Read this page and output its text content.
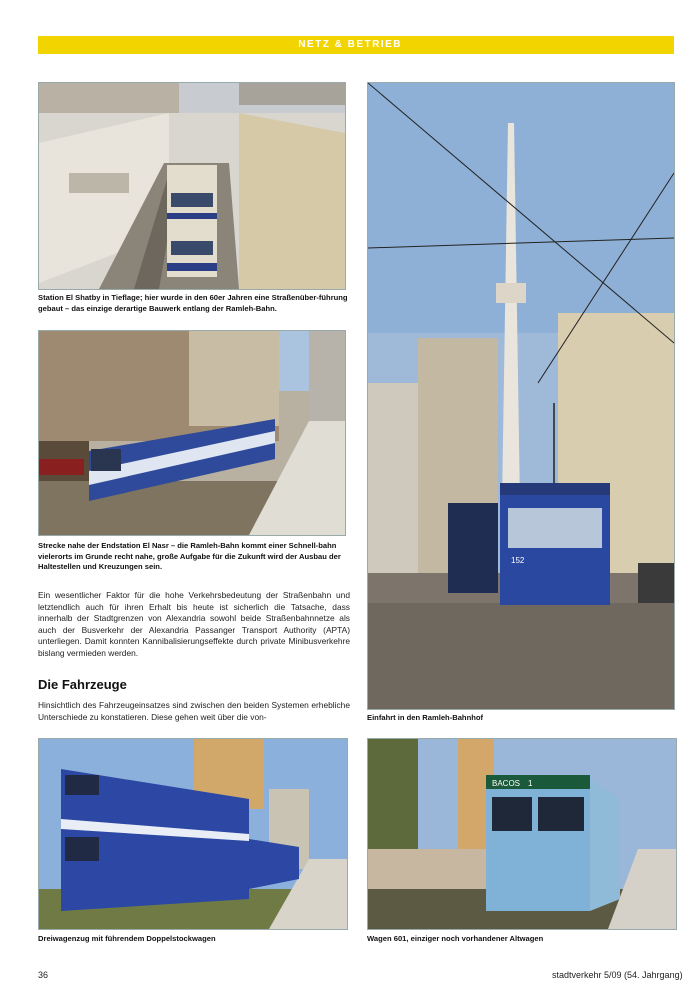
NETZ & BETRIEB
Station El Shatby in Tieflage; hier wurde in den 60er Jahren eine Straßenüber-führung gebaut – das einzige derartige Bauwerk entlang der Ramleh-Bahn.
Strecke nahe der Endstation El Nasr – die Ramleh-Bahn kommt einer Schnell-bahn vielerorts im Grunde recht nahe, große Aufgabe für die Zukunft wird der Ausbau der Haltestellen und Kreuzungen sein.
152
Einfahrt in den Ramleh-Bahnhof
Ein wesentlicher Faktor für die hohe Verkehrsbedeutung der Straßenbahn und letztendlich auch für ihren Erhalt bis heute ist sicherlich die Tatsache, dass innerhalb der Stadtgrenzen von Alexandria sowohl beide Straßenbahnnetze als auch der Busverkehr der Alexandria Passanger Transport Authority (APTA) unterliegen. Damit konnten Kannibalisierungseffekte durch private Minibusverkehre bislang vermieden werden.
Die Fahrzeuge
Hinsichtlich des Fahrzeugeinsatzes sind zwischen den beiden Systemen erhebliche Unterschiede zu konstatieren. Diese gehen weit über die von-
Dreiwagenzug mit führendem Doppelstockwagen
BACOS 1
Wagen 601, einziger noch vorhandener Altwagen
36	stadtverkehr 5/09 (54. Jahrgang)
